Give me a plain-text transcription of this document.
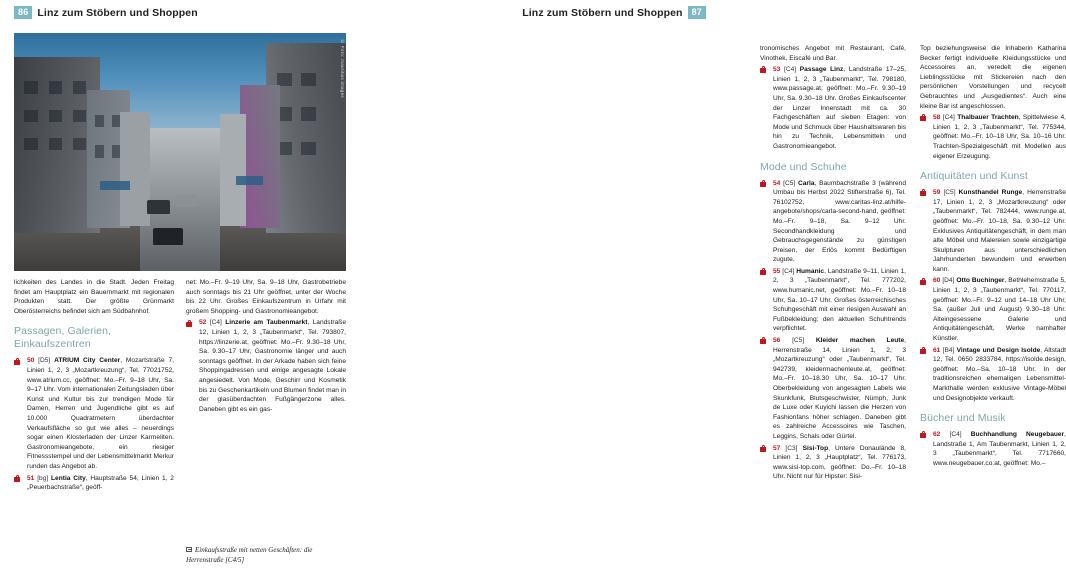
86 Linz zum Stöbern und Shoppen
© Foto: mauritius images

lichkeiten des Landes in die Stadt. Jeden Freitag findet am Hauptplatz ein Bauernmarkt mit regionalen Produkten statt. Der größte Grünmarkt Oberösterreichs befindet sich am Südbahnhof.

Passagen, Galerien, Einkaufszentren
50 [D5] ATRIUM City Center, Mozartstraße 7, Linien 1, 2, 3 „Mozartkreuzung“, Tel. 77021752, www.atrium.cc, geöffnet: Mo.–Fr. 9–18 Uhr, Sa. 9–17 Uhr. Vom internationalen Zeitungsladen über Kunst und Kultur bis zur trendigen Mode für Damen, Herren und Jugendliche gibt es auf 10.000 Quadratmetern überdachter Verkaufsfläche so gut wie alles – neuerdings sogar einen Klosterladen der Linzer Karmeliten. Gastronomieangebote, ein riesiger Fitnessstempel und der Lebensmittelmarkt Merkur runden das Angebot ab.
51 [bg] Lentia City, Hauptstraße 54, Linien 1, 2 „Peuerbachstraße“, geöff-

net: Mo.–Fr. 9–19 Uhr, Sa. 9–18 Uhr, Gastrobetriebe auch sonntags bis 21 Uhr geöffnet, unter der Woche bis 22 Uhr. Großes Einkaufszentrum in Urfahr mit großem Shopping- und Gastronomieangebot.

52 [C4] Linzerie am Taubenmarkt, Landstraße 12, Linien 1, 2, 3 „Taubenmarkt“, Tel. 793807, https://linzerie.at, geöffnet: Mo.–Fr. 9.30–18 Uhr, Sa. 9.30–17 Uhr, Gastronomie länger und auch sonntags geöffnet. In der Arkade haben sich feine Shoppingadressen und einige angesagte Lokale angesiedelt. Von Mode, Geschirr und Kosmetik bis zu Geschenkartikeln und Blumen findet man in der glasüberdachten Fußgängerzone alles. Daneben gibt es ein gas-
Einkaufsstraße mit netten Geschäften: die Herrenstraße [C4/5]
Linz zum Stöbern und Shoppen	87

tronomisches Angebot mit Restaurant, Café, Vinothek, Eiscafé und Bar.

53 [C4] Passage Linz, Landstraße 17–25, Linien 1, 2, 3 „Taubenmarkt“, Tel. 798180, www.passage.at, geöffnet: Mo.–Fr. 9.30–19 Uhr, Sa. 9.30–18 Uhr. Großes Einkaufscenter der Linzer Innenstadt mit ca. 30 Fachgeschäften auf sieben Etagen: von Mode und Schmuck über Haushaltswaren bis hin zu Technik, Lebensmitteln und Gastronomieangebot.
Mode und Schuhe
54 [C5] Carla, Baumbachstraße 3 (während Umbau bis Herbst 2022 Stifterstraße 6), Tel. 76102752, www.caritas-linz.at/hilfe-angebote/shops/carla-second-hand, geöffnet: Mo.–Fr. 9–18, Sa. 9–12 Uhr. Secondhandkleidung und Gebrauchsgegenstände zu günstigen Preisen, der Erlös kommt Bedürftigen zugute.
55 [C4] Humanic, Landstraße 9–11, Linien 1, 2, 3 „Taubenmarkt“, Tel. 777202, www.humanic.net, geöffnet: Mo.–Fr. 10–18 Uhr, Sa. 10–17 Uhr. Großes österreichisches Schuhgeschäft mit einer riesigen Auswahl an Fußbekleidung; den aktuellen Schuhtrends verpflichtet.
56 [C5] Kleider machen Leute, Herrenstraße 14, Linien 1, 2, 3 „Mozartkreuzung“ oder „Taubenmarkt“, Tel. 942739, kleidermachenleute.at, geöffnet: Mo.–Fr. 10–18.30 Uhr, Sa. 10–17 Uhr. Oberbekleidung von angesagten Labels wie Skunkfunk, Blutsgeschwister, Nümph, Junk de Luxe oder Kuyichi lassen die Herzen von Fashionfans höher schlagen. Daneben gibt es zahlreiche Accessoires wie Taschen, Leggins, Schals oder Gürtel.
57 [C3] Sisi-Top, Untere Donaulände 8, Linien 1, 2, 3 „Hauptplatz“, Tel. 776173, www.sisi-top.com, geöffnet: Do.–Fr. 10–18 Uhr. Nicht nur für Hipster: Sisi-

Top beziehungsweise die Inhaberin Katharina Becker fertigt individuelle Kleidungsstücke und Accessoires an, veredelt die eigenen Lieblingsstücke mit Stickereien nach den persönlichen Vorstellungen und recycelt Gebrauchtes und „Ausgedientes“. Auch eine kleine Bar ist angeschlossen.

58 [C4] Thalbauer Trachten, Spittelwiese 4, Linien 1, 2, 3 „Taubenmarkt“, Tel. 775344, geöffnet: Mo.–Fr. 10–18 Uhr, Sa. 10–16 Uhr. Trachten-Spezialgeschäft mit Modellen aus eigener Erzeugung.
Antiquitäten und Kunst
59 [C5] Kunsthandel Runge, Herrenstraße 17, Linien 1, 2, 3 „Mozartkreuzung“ oder „Taubenmarkt“, Tel. 782444, www.runge.at, geöffnet: Mo.–Fr. 10–18, Sa. 9.30–12 Uhr. Exklusives Antiquitätengeschäft, in dem man alte Möbel und Malereien sowie einzigartige Skulpturen aus unterschiedlichen Jahrhunderten bewundern und erwerben kann.
60 [D4] Otto Buchinger, Bethlehemstraße 5, Linien 1, 2, 3 „Taubenmarkt“, Tel. 770117, geöffnet: Mo.–Fr. 9–12 und 14–18 Uhr Uhr, Sa. (außer Juli und August) 9.30–18 Uhr. Alteingesessene Galerie und Antiquitätengeschäft, Werke namhafter Künstler.
61 [B4] Vintage und Design Isolde, Altstadt 12, Tel. 0650 2833784, https://isolde.design, geöffnet: Mo.–Sa. 10–18 Uhr. In der traditionsreichen ehemaligen Lebensmittel-Markthalle werden exklusive Vintage-Möbel und Designobjekte verkauft.
Bücher und Musik
62 [C4] Buchhandlung Neugebauer, Landstraße 1, Am Taubenmarkt, Linien 1, 2, 3 „Taubenmarkt“, Tel. 7717660, www.neugebauer.co.at, geöffnet: Mo.–
